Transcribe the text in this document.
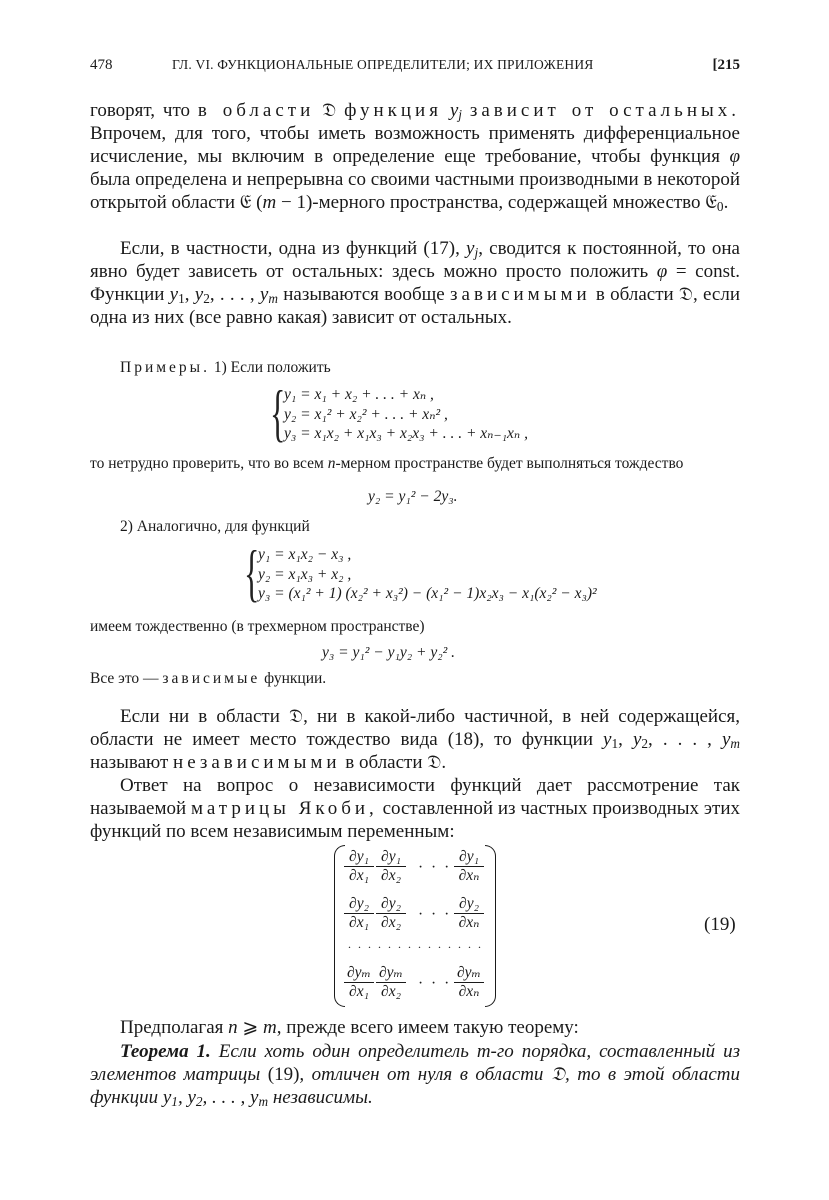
478	ГЛ. VI. ФУНКЦИОНАЛЬНЫЕ ОПРЕДЕЛИТЕЛИ; ИХ ПРИЛОЖЕНИЯ	[215

говорят, что в области 𝔇 функция $y_j$ зависит от остальных. Впрочем, для того, чтобы иметь возможность применять дифференциальное исчисление, мы включим в определение еще требование, чтобы функция φ была определена и непрерывна со своими частными производными в некоторой открытой области 𝔈 (m − 1)-мерного пространства, содержащей множество 𝔈$_0$.

Если, в частности, одна из функций (17), $y_j$, сводится к постоянной, то она явно будет зависеть от остальных: здесь можно просто положить φ = const. Функции $y_1$, $y_2$, . . . , $y_m$ называются вообще зависимыми в области 𝔇, если одна из них (все равно какая) зависит от остальных.

Примеры. 1) Если положить

{
y₁ = x₁ + x₂ + . . . + xₙ ,
y₂ = x₁² + x₂² + . . . + xₙ² ,
y₃ = x₁x₂ + x₁x₃ + x₂x₃ + . . . + xₙ₋₁xₙ ,

то нетрудно проверить, что во всем n-мерном пространстве будет выполняться тождество

y₂ = y₁² − 2y₃.

2) Аналогично, для функций

{
y₁ = x₁x₂ − x₃ ,
y₂ = x₁x₃ + x₂ ,
y₃ = (x₁² + 1) (x₂² + x₃²) − (x₁² − 1)x₂x₃ − x₁(x₂² − x₃)²

имеем тождественно (в трехмерном пространстве)

y₃ = y₁² − y₁y₂ + y₂² .

Все это — зависимые функции.

Если ни в области 𝔇, ни в какой-либо частичной, в ней содержащейся, области не имеет место тождество вида (18), то функции $y_1$, $y_2$, . . . , $y_m$ называют независимыми в области 𝔇.

Ответ на вопрос о независимости функций дает рассмотрение так называемой матрицы Якоби, составленной из частных производных этих функций по всем независимым переменным:

$\frac{\text{∂y₁}}{\text{∂x₁}} \frac{\text{∂y₁}}{\text{∂x₂}}$ · · · $\frac{\text{∂y₁}}{\text{∂xₙ}}$
$\frac{\text{∂y₂}}{\text{∂x₁}} \frac{\text{∂y₂}}{\text{∂x₂}}$ · · · $\frac{\text{∂y₂}}{\text{∂xₙ}}$
. . . . . . . . . . . . . .
$\frac{\text{∂yₘ}}{\text{∂x₁}} \frac{\text{∂yₘ}}{\text{∂x₂}}$ · · · $\frac{\text{∂yₘ}}{\text{∂xₙ}}$
(19)

Предполагая n ⩾ m, прежде всего имеем такую теорему:

Теорема 1. Если хоть один определитель m-го порядка, составленный из элементов матрицы (19), отличен от нуля в области 𝔇, то в этой области функции $y_1$, $y_2$, . . . , $y_m$ независимы.
